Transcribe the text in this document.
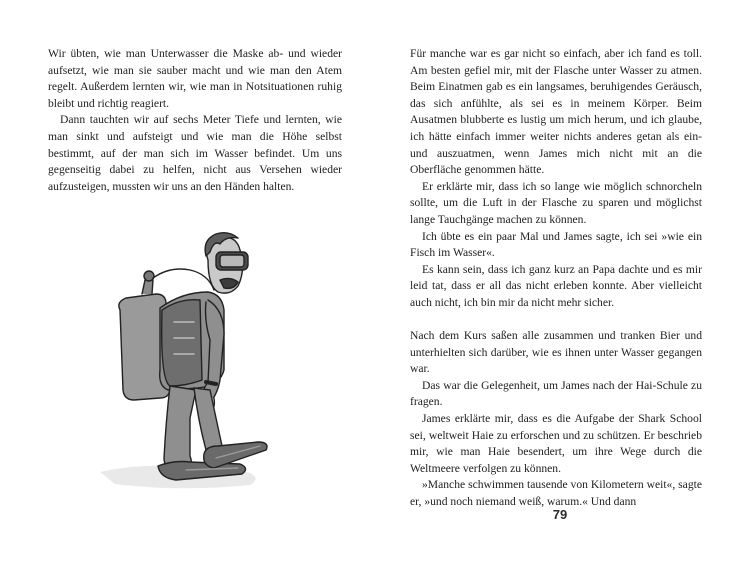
Wir übten, wie man Unterwasser die Maske ab- und wieder aufsetzt, wie man sie sauber macht und wie man den Atem regelt. Außerdem lernten wir, wie man in Notsituationen ruhig bleibt und richtig reagiert.

Dann tauchten wir auf sechs Meter Tiefe und lernten, wie man sinkt und aufsteigt und wie man die Höhe selbst bestimmt, auf der man sich im Wasser befindet. Um uns gegenseitig dabei zu helfen, nicht aus Versehen wieder aufzusteigen, mussten wir uns an den Händen halten.

Für manche war es gar nicht so einfach, aber ich fand es toll. Am besten gefiel mir, mit der Flasche unter Wasser zu atmen. Beim Einatmen gab es ein langsames, beruhigendes Geräusch, das sich anfühlte, als sei es in meinem Körper. Beim Ausatmen blubberte es lustig um mich herum, und ich glaube, ich hätte einfach immer weiter nichts anderes getan als ein- und auszuatmen, wenn James mich nicht mit an die Oberfläche genommen hätte.

Er erklärte mir, dass ich so lange wie möglich schnorcheln sollte, um die Luft in der Flasche zu sparen und möglichst lange Tauchgänge machen zu können.

Ich übte es ein paar Mal und James sagte, ich sei »wie ein Fisch im Wasser«.

Es kann sein, dass ich ganz kurz an Papa dachte und es mir leid tat, dass er all das nicht erleben konnte. Aber vielleicht auch nicht, ich bin mir da nicht mehr sicher.

Nach dem Kurs saßen alle zusammen und tranken Bier und unterhielten sich darüber, wie es ihnen unter Wasser gegangen war.

Das war die Gelegenheit, um James nach der Hai-Schule zu fragen.

James erklärte mir, dass es die Aufgabe der Shark School sei, weltweit Haie zu erforschen und zu schützen. Er beschrieb mir, wie man Haie besendert, um ihre Wege durch die Weltmeere verfolgen zu können.

»Manche schwimmen tausende von Kilometern weit«, sagte er, »und noch niemand weiß, warum.« Und dann

79
